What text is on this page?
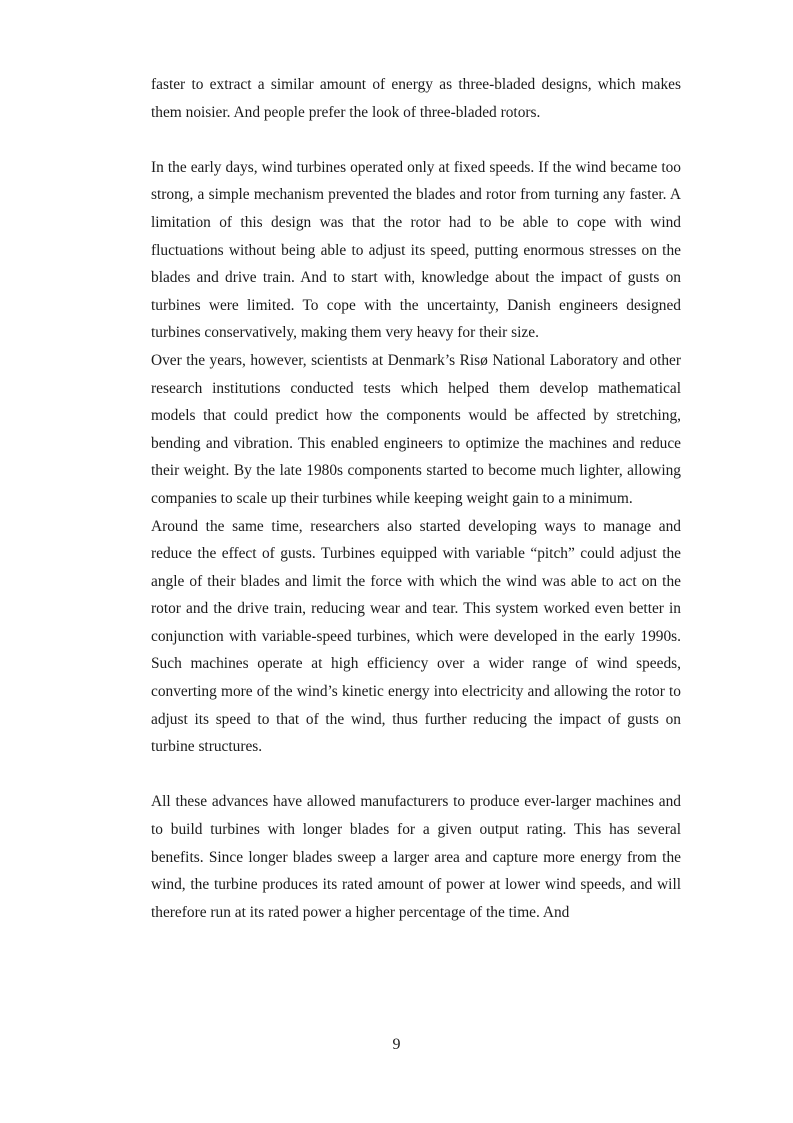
faster to extract a similar amount of energy as three-bladed designs, which makes them noisier. And people prefer the look of three-bladed rotors.

In the early days, wind turbines operated only at fixed speeds. If the wind became too strong, a simple mechanism prevented the blades and rotor from turning any faster. A limitation of this design was that the rotor had to be able to cope with wind fluctuations without being able to adjust its speed, putting enormous stresses on the blades and drive train. And to start with, knowledge about the impact of gusts on turbines were limited. To cope with the uncertainty, Danish engineers designed turbines conservatively, making them very heavy for their size.

Over the years, however, scientists at Denmark’s Risø National Laboratory and other research institutions conducted tests which helped them develop mathematical models that could predict how the components would be affected by stretching, bending and vibration. This enabled engineers to optimize the machines and reduce their weight. By the late 1980s components started to become much lighter, allowing companies to scale up their turbines while keeping weight gain to a minimum.

Around the same time, researchers also started developing ways to manage and reduce the effect of gusts. Turbines equipped with variable “pitch” could adjust the angle of their blades and limit the force with which the wind was able to act on the rotor and the drive train, reducing wear and tear. This system worked even better in conjunction with variable-speed turbines, which were developed in the early 1990s. Such machines operate at high efficiency over a wider range of wind speeds, converting more of the wind’s kinetic energy into electricity and allowing the rotor to adjust its speed to that of the wind, thus further reducing the impact of gusts on turbine structures.

All these advances have allowed manufacturers to produce ever-larger machines and to build turbines with longer blades for a given output rating. This has several benefits. Since longer blades sweep a larger area and capture more energy from the wind, the turbine produces its rated amount of power at lower wind speeds, and will therefore run at its rated power a higher percentage of the time. And

9
